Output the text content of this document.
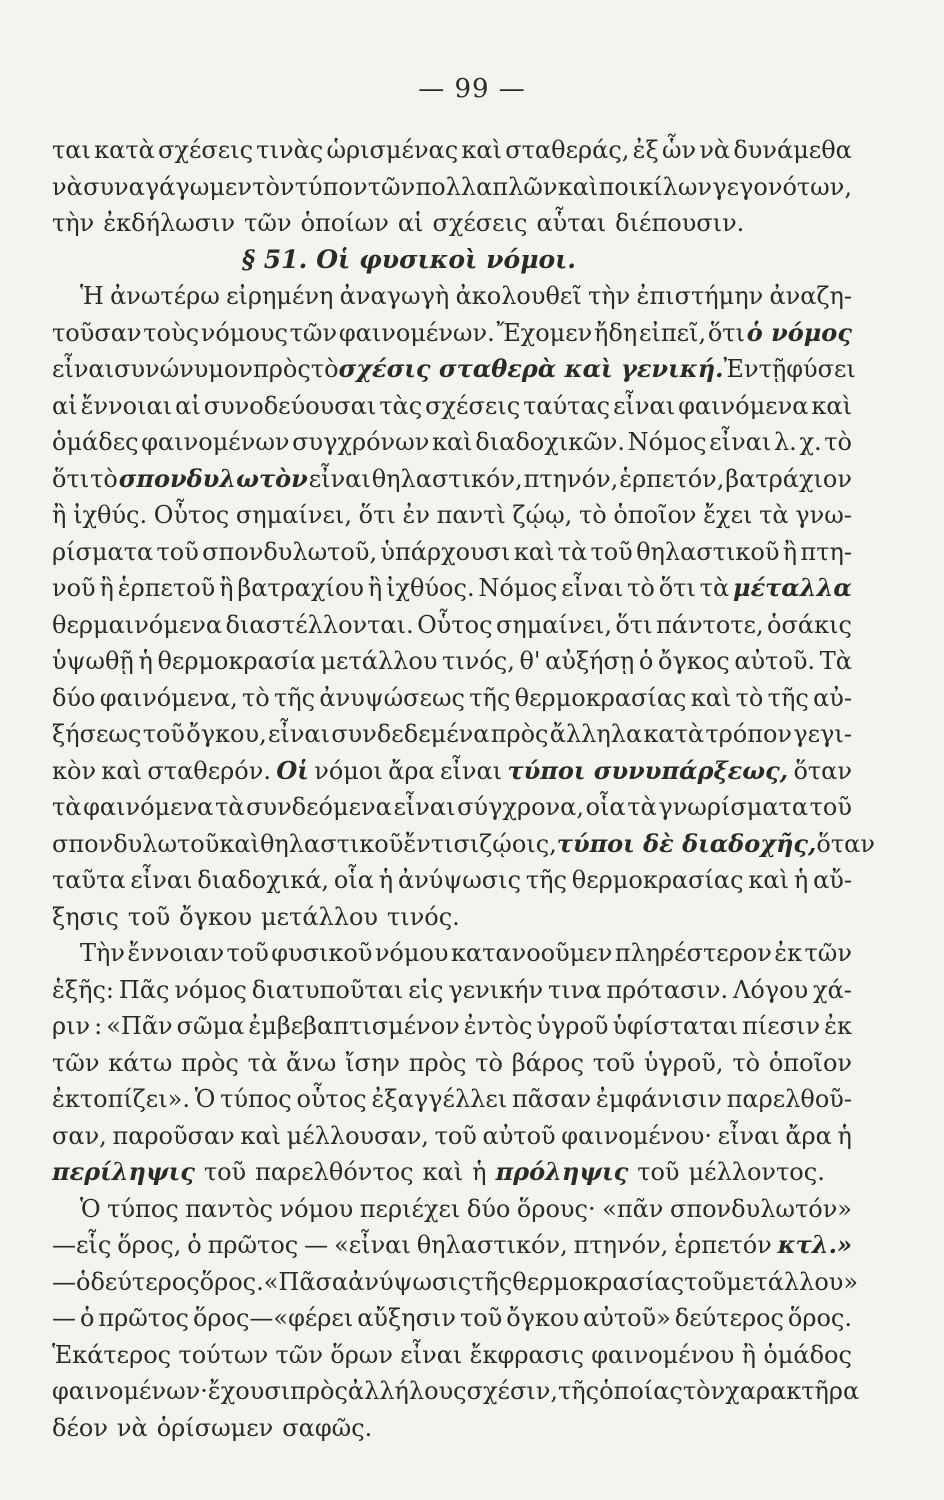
— 99 —
ται κατὰ σχέσεις τινὰς ὡρισμένας καὶ σταθεράς, ἐξ ὧν νὰ δυνάμεθα
νὰ συναγάγωμεν τὸν τύπον τῶν πολλαπλῶν καὶ ποικίλων γεγονότων,
τὴν ἐκδήλωσιν τῶν ὁποίων αἱ σχέσεις αὗται διέπουσιν.
§ 51. Οἱ φυσικοὶ νόμοι.
Ἡ ἀνωτέρω εἰρημένη ἀναγωγὴ ἀκολουθεῖ τὴν ἐπιστήμην ἀναζη-
τοῦσαν τοὺς νόμους τῶν φαινομένων. Ἔχομεν ἤδη εἰπεῖ, ὅτι ὁ νόμος
εἶναι συνώνυμον πρὸς τὸ σχέσις σταθερὰ καὶ γενική. Ἐν τῇ φύσει
αἱ ἔννοιαι αἱ συνοδεύουσαι τὰς σχέσεις ταύτας εἶναι φαινόμενα καὶ
ὁμάδες φαινομένων συγχρόνων καὶ διαδοχικῶν. Νόμος εἶναι λ. χ. τὸ
ὅτι τὸ σπονδυλωτὸν εἶναι θηλαστικόν, πτηνόν, ἑρπετόν, βατράχιον
ἢ ἰχθύς. Οὗτος σημαίνει, ὅτι ἐν παντὶ ζῴῳ, τὸ ὁποῖον ἔχει τὰ γνω-
ρίσματα τοῦ σπονδυλωτοῦ, ὑπάρχουσι καὶ τὰ τοῦ θηλαστικοῦ ἢ πτη-
νοῦ ἢ ἑρπετοῦ ἢ βατραχίου ἢ ἰχθύος. Νόμος εἶναι τὸ ὅτι τὰ μέταλλα
θερμαινόμενα διαστέλλονται. Οὗτος σημαίνει, ὅτι πάντοτε, ὁσάκις
ὑψωθῇ ἡ θερμοκρασία μετάλλου τινός, θ' αὐξήσῃ ὁ ὄγκος αὐτοῦ. Τὰ
δύο φαινόμενα, τὸ τῆς ἀνυψώσεως τῆς θερμοκρασίας καὶ τὸ τῆς αὐ-
ξήσεως τοῦ ὄγκου, εἶναι συνδεδεμένα πρὸς ἄλληλα κατὰ τρόπον γεγι-
κὸν καὶ σταθερόν. Οἱ νόμοι ἄρα εἶναι τύποι συνυπάρξεως, ὅταν
τὰ φαινόμενα τὰ συνδεόμενα εἶναι σύγχρονα, οἷα τὰ γνωρίσματα τοῦ
σπονδυλωτοῦ καὶ θηλαστικοῦ ἔν τισι ζῴοις, τύποι δὲ διαδοχῆς, ὅταν
ταῦτα εἶναι διαδοχικά, οἷα ἡ ἀνύψωσις τῆς θερμοκρασίας καὶ ἡ αὔ-
ξησις τοῦ ὄγκου μετάλλου τινός.
Τὴν ἔννοιαν τοῦ φυσικοῦ νόμου κατανοοῦμεν πληρέστερον ἐκ τῶν
ἑξῆς: Πᾶς νόμος διατυποῦται εἰς γενικήν τινα πρότασιν. Λόγου χά-
ριν : «Πᾶν σῶμα ἐμβεβαπτισμένον ἐντὸς ὑγροῦ ὑφίσταται πίεσιν ἐκ
τῶν κάτω πρὸς τὰ ἄνω ἴσην πρὸς τὸ βάρος τοῦ ὑγροῦ, τὸ ὁποῖον
ἐκτοπίζει». Ὁ τύπος οὗτος ἐξαγγέλλει πᾶσαν ἐμφάνισιν παρελθοῦ-
σαν, παροῦσαν καὶ μέλλουσαν, τοῦ αὐτοῦ φαινομένου· εἶναι ἄρα ἡ
περίληψις τοῦ παρελθόντος καὶ ἡ πρόληψις τοῦ μέλλοντος.
Ὁ τύπος παντὸς νόμου περιέχει δύο ὅρους· «πᾶν σπονδυλωτόν»
—εἷς ὅρος, ὁ πρῶτος — «εἶναι θηλαστικόν, πτηνόν, ἑρπετόν κτλ.»
— ὁ δεύτερος ὅρος. «Πᾶσα ἀνύψωσις τῆς θερμοκρασίας τοῦ μετάλλου»
— ὁ πρῶτος ὅρος—«φέρει αὔξησιν τοῦ ὄγκου αὐτοῦ» δεύτερος ὅρος.
Ἑκάτερος τούτων τῶν ὅρων εἶναι ἔκφρασις φαινομένου ἢ ὁμάδος
φαινομένων· ἔχουσι πρὸς ἀλλήλους σχέσιν, τῆς ὁποίας τὸν χαρακτῆρα
δέον νὰ ὁρίσωμεν σαφῶς.
